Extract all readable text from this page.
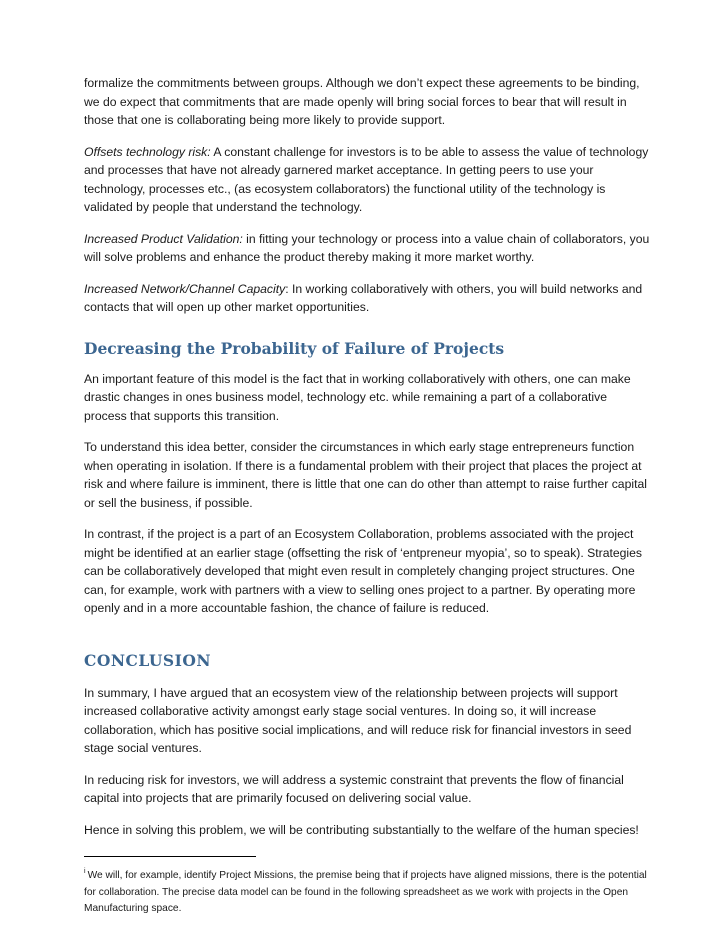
formalize the commitments between groups. Although we don’t expect these agreements to be binding, we do expect that commitments that are made openly will bring social forces to bear that will result in those that one is collaborating being more likely to provide support.

Offsets technology risk: A constant challenge for investors is to be able to assess the value of technology and processes that have not already garnered market acceptance. In getting peers to use your technology, processes etc., (as ecosystem collaborators) the functional utility of the technology is validated by people that understand the technology.

Increased Product Validation: in fitting your technology or process into a value chain of collaborators, you will solve problems and enhance the product thereby making it more market worthy.

Increased Network/Channel Capacity: In working collaboratively with others, you will build networks and contacts that will open up other market opportunities.

Decreasing the Probability of Failure of Projects

An important feature of this model is the fact that in working collaboratively with others, one can make drastic changes in ones business model, technology etc. while remaining a part of a collaborative process that supports this transition.

To understand this idea better, consider the circumstances in which early stage entrepreneurs function when operating in isolation. If there is a fundamental problem with their project that places the project at risk and where failure is imminent, there is little that one can do other than attempt to raise further capital or sell the business, if possible.

In contrast, if the project is a part of an Ecosystem Collaboration, problems associated with the project might be identified at an earlier stage (offsetting the risk of ‘entpreneur myopia’, so to speak). Strategies can be collaboratively developed that might even result in completely changing project structures. One can, for example, work with partners with a view to selling ones project to a partner. By operating more openly and in a more accountable fashion, the chance of failure is reduced.

CONCLUSION

In summary, I have argued that an ecosystem view of the relationship between projects will support increased collaborative activity amongst early stage social ventures. In doing so, it will increase collaboration, which has positive social implications, and will reduce risk for financial investors in seed stage social ventures.

In reducing risk for investors, we will address a systemic constraint that prevents the flow of financial capital into projects that are primarily focused on delivering social value.

Hence in solving this problem, we will be contributing substantially to the welfare of the human species!

$^i$ We will, for example, identify Project Missions, the premise being that if projects have aligned missions, there is the potential for collaboration. The precise data model can be found in the following spreadsheet as we work with projects in the Open Manufacturing space.
